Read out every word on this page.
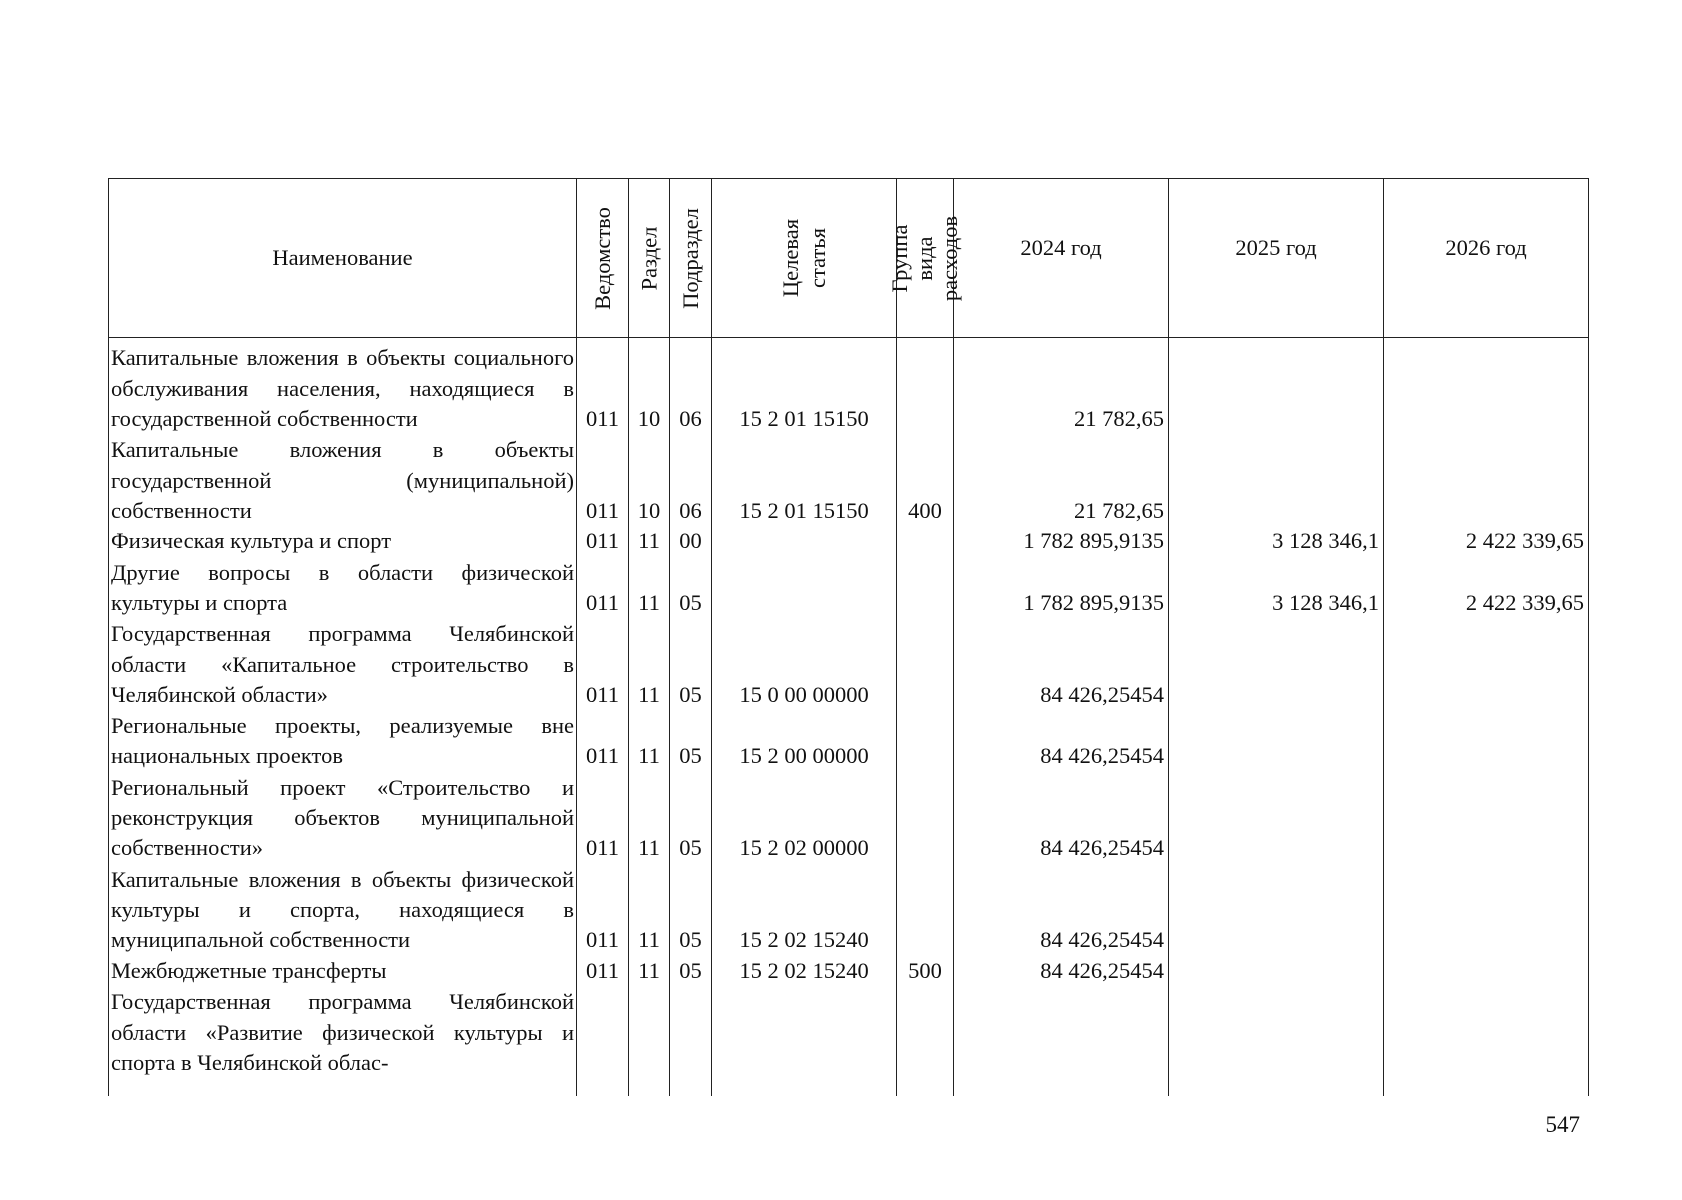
Наименование	Ведомство	Раздел	Подраздел	Целевая статья	Группа вида расходов	2024 год	2025 год	2026 год
Капитальные вложения в объекты социального обслуживания населения, находящиеся в государственной собственности	011	10	06	15 2 01 15150		21 782,65		
Капитальные вложения в объекты государственной (муниципальной) собственности	011	10	06	15 2 01 15150	400	21 782,65		
Физическая культура и спорт	011	11	00			1 782 895,9135	3 128 346,1	2 422 339,65
Другие вопросы в области физической культуры и спорта	011	11	05			1 782 895,9135	3 128 346,1	2 422 339,65
Государственная программа Челябинской области «Капитальное строительство в Челябинской области»	011	11	05	15 0 00 00000		84 426,25454		
Региональные проекты, реализуемые вне национальных проектов	011	11	05	15 2 00 00000		84 426,25454		
Региональный проект «Строительство и реконструкция объектов муниципальной собственности»	011	11	05	15 2 02 00000		84 426,25454		
Капитальные вложения в объекты физической культуры и спорта, находящиеся в муниципальной собственности	011	11	05	15 2 02 15240		84 426,25454		
Межбюджетные трансферты	011	11	05	15 2 02 15240	500	84 426,25454		
Государственная программа Челябинской области «Развитие физической культуры и спорта в Челябинской облас-								

547
